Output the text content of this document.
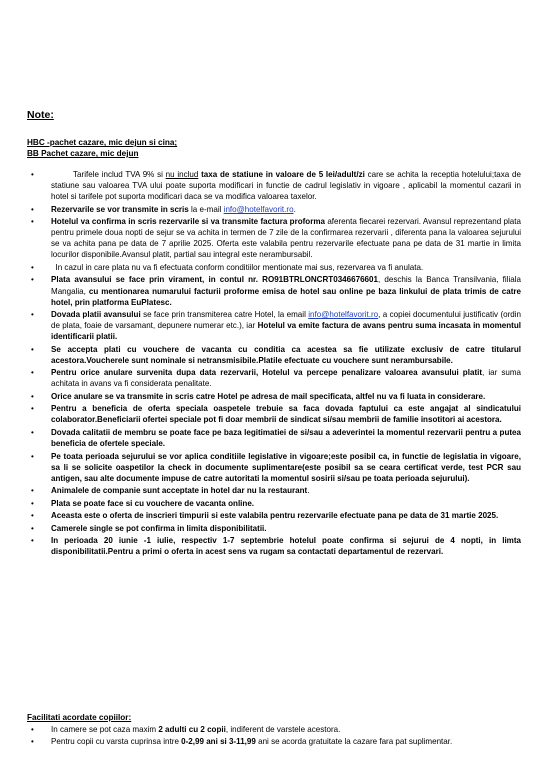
Note:
HBC -pachet cazare, mic dejun si cina;
BB Pachet cazare, mic dejun
•	Tarifele includ TVA 9% si nu includ taxa de statiune in valoare de 5 lei/adult/zi care se achita la receptia hotelului;taxa de statiune sau valoarea TVA ului poate suporta modificari in functie de cadrul legislativ in vigoare , aplicabil la momentul cazarii in hotel si tarifele pot suporta modificari daca se va modifica valoarea taxelor.
•	Rezervarile se vor transmite in scris la e-mail info@hotelfavorit.ro.
•	Hotelul va confirma in scris rezervarile si va transmite factura proforma aferenta fiecarei rezervari. Avansul reprezentand plata pentru primele doua nopti de sejur se va achita in termen de 7 zile de la confirmarea rezervarii , diferenta pana la valoarea sejurului se va achita pana pe data de 7 aprilie 2025. Oferta este valabila pentru rezervarile efectuate pana pe data de 31 martie in limita locurilor disponibile.Avansul platit, partial sau integral este nerambursabil.
•	In cazul in care plata nu va fi efectuata conform conditiilor mentionate mai sus, rezervarea va fi anulata.
•	Plata avansului se face prin virament, in contul nr. RO91BTRLONCRT0346676601, deschis la Banca Transilvania, filiala Mangalia, cu mentionarea numarului facturii proforme emisa de hotel sau online pe baza linkului de plata trimis de catre hotel, prin platforma EuPlatesc.
•	Dovada platii avansului se face prin transmiterea catre Hotel, la email info@hotelfavorit.ro, a copiei documentului justificativ (ordin de plata, foaie de varsamant, depunere numerar etc.), iar Hotelul va emite factura de avans pentru suma incasata in momentul identificarii platii.
•	Se accepta plati cu vouchere de vacanta cu conditia ca acestea sa fie utilizate exclusiv de catre titularul acestora.Voucherele sunt nominale si netransmisibile.Platile efectuate cu vouchere sunt nerambursabile.
•	Pentru orice anulare survenita dupa data rezervarii, Hotelul va percepe penalizare valoarea avansului platit, iar suma achitata in avans va fi considerata penalitate.
•	Orice anulare se va transmite in scris catre Hotel pe adresa de mail specificata, altfel nu va fi luata in considerare.
•	Pentru a beneficia de oferta speciala oaspetele trebuie sa faca dovada faptului ca este angajat al sindicatului colaborator.Beneficiarii ofertei speciale pot fi doar membrii de sindicat si/sau membrii de familie insotitori ai acestora.
•	Dovada calitatii de membru se poate face pe baza legitimatiei de si/sau a adeverintei la momentul rezervarii pentru a putea beneficia de ofertele speciale.
•	Pe toata perioada sejurului se vor aplica conditiile legislative in vigoare;este posibil ca, in functie de legislatia in vigoare, sa li se solicite oaspetilor la check in documente suplimentare(este posibil sa se ceara certificat verde, test PCR sau antigen, sau alte documente impuse de catre autoritati la momentul sosirii si/sau pe toata perioada sejurului).
•	Animalele de companie sunt acceptate in hotel dar nu la restaurant.
•	Plata se poate face si cu vouchere de vacanta online.
•	Aceasta este o oferta de inscrieri timpurii si este valabila pentru rezervarile efectuate pana pe data de 31 martie 2025.
•	Camerele single se pot confirma in limita disponibilitatii.
•	In perioada 20 iunie -1 iulie, respectiv 1-7 septembrie hotelul poate confirma si sejurui de 4 nopti, in limta disponibilitatii.Pentru a primi o oferta in acest sens va rugam sa contactati departamentul de rezervari.
Facilitati acordate copiilor:
•	In camere se pot caza maxim 2 adulti cu 2 copii, indiferent de varstele acestora.
•	Pentru copii cu varsta cuprinsa intre 0-2,99 ani si 3-11,99 ani se acorda gratuitate la cazare fara pat suplimentar.
